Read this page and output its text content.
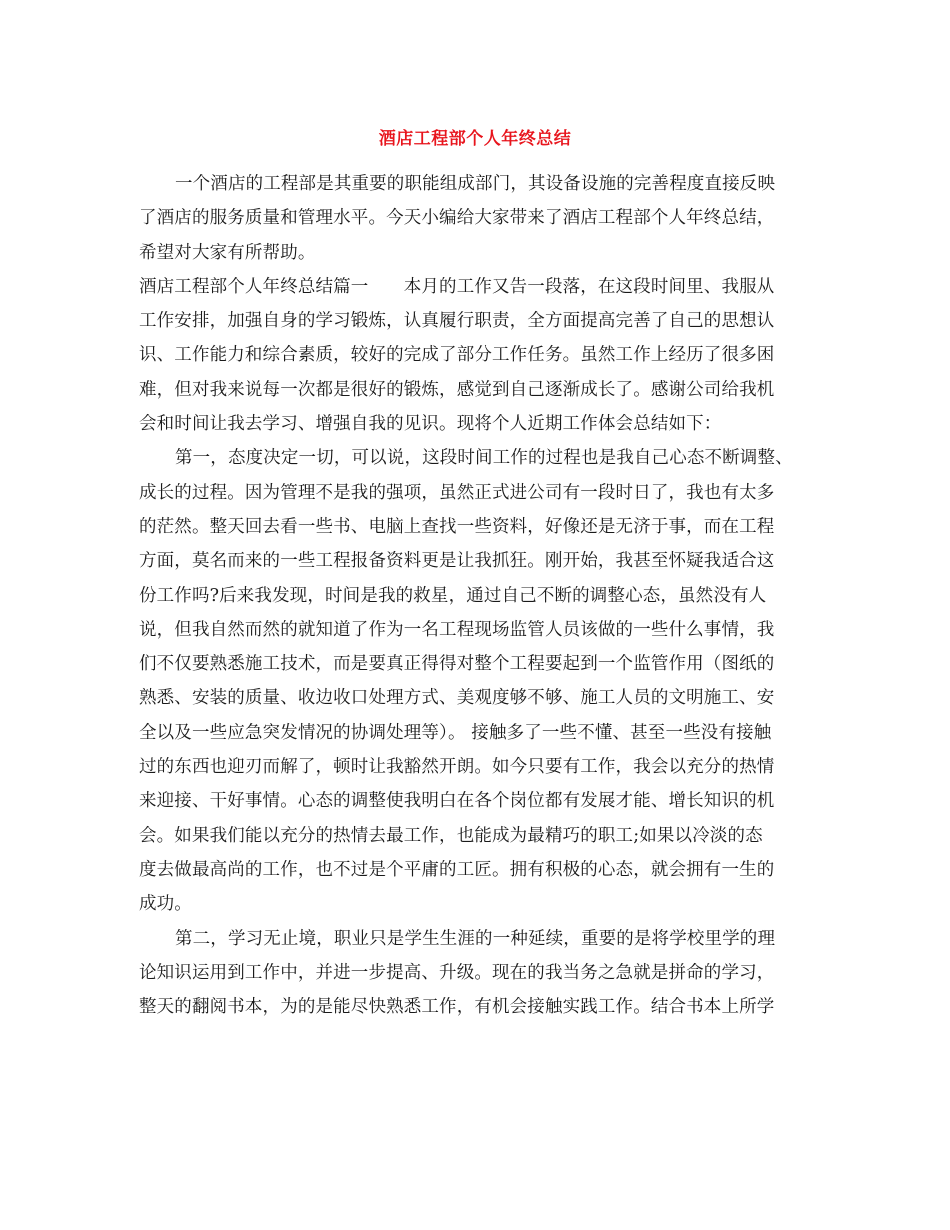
酒店工程部个人年终总结
一个酒店的工程部是其重要的职能组成部门，其设备设施的完善程度直接反映
了酒店的服务质量和管理水平。今天小编给大家带来了酒店工程部个人年终总结，
希望对大家有所帮助。
酒店工程部个人年终总结篇一　　本月的工作又告一段落，在这段时间里、我服从
工作安排，加强自身的学习锻炼，认真履行职责，全方面提高完善了自己的思想认
识、工作能力和综合素质，较好的完成了部分工作任务。虽然工作上经历了很多困
难，但对我来说每一次都是很好的锻炼，感觉到自己逐渐成长了。感谢公司给我机
会和时间让我去学习、增强自我的见识。现将个人近期工作体会总结如下：
第一，态度决定一切，可以说，这段时间工作的过程也是我自己心态不断调整、
成长的过程。因为管理不是我的强项，虽然正式进公司有一段时日了，我也有太多
的茫然。整天回去看一些书、电脑上查找一些资料，好像还是无济于事，而在工程
方面，莫名而来的一些工程报备资料更是让我抓狂。刚开始，我甚至怀疑我适合这
份工作吗?后来我发现，时间是我的救星，通过自己不断的调整心态，虽然没有人
说，但我自然而然的就知道了作为一名工程现场监管人员该做的一些什么事情，我
们不仅要熟悉施工技术，而是要真正得得对整个工程要起到一个监管作用（图纸的
熟悉、安装的质量、收边收口处理方式、美观度够不够、施工人员的文明施工、安
全以及一些应急突发情况的协调处理等）。 接触多了一些不懂、甚至一些没有接触
过的东西也迎刃而解了，顿时让我豁然开朗。如今只要有工作，我会以充分的热情
来迎接、干好事情。心态的调整使我明白在各个岗位都有发展才能、增长知识的机
会。如果我们能以充分的热情去最工作，也能成为最精巧的职工;如果以冷淡的态
度去做最高尚的工作，也不过是个平庸的工匠。拥有积极的心态，就会拥有一生的
成功。
第二，学习无止境，职业只是学生生涯的一种延续，重要的是将学校里学的理
论知识运用到工作中，并进一步提高、升级。现在的我当务之急就是拼命的学习，
整天的翻阅书本，为的是能尽快熟悉工作，有机会接触实践工作。结合书本上所学
